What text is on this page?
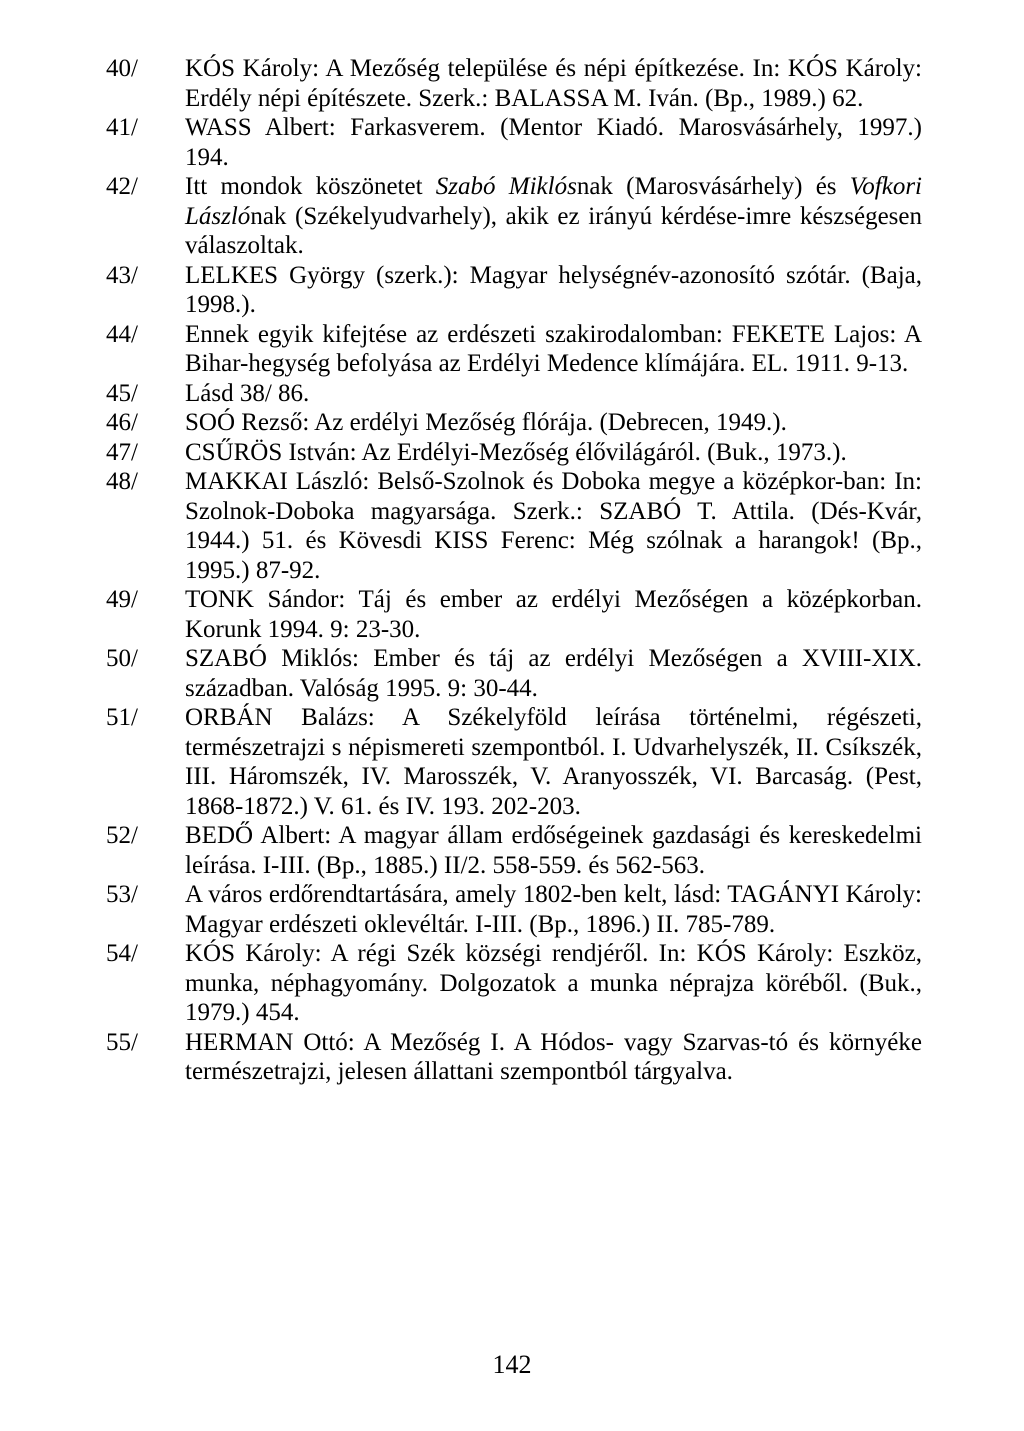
40/	KÓS Károly: A Mezőség települése és népi építkezése. In: KÓS Károly: Erdély népi építészete. Szerk.: BALASSA M. Iván. (Bp., 1989.) 62.
41/	WASS Albert: Farkasverem. (Mentor Kiadó. Marosvásárhely, 1997.) 194.
42/	Itt mondok köszönetet Szabó Miklósnak (Marosvásárhely) és Vofkori Lászlónak (Székelyudvarhely), akik ez irányú kérdése-imre készségesen válaszoltak.
43/	LELKES György (szerk.): Magyar helységnév-azonosító szótár. (Baja, 1998.).
44/	Ennek egyik kifejtése az erdészeti szakirodalomban: FEKETE Lajos: A Bihar-hegység befolyása az Erdélyi Medence klímájára. EL. 1911. 9-13.
45/	Lásd 38/ 86.
46/	SOÓ Rezső: Az erdélyi Mezőség flórája. (Debrecen, 1949.).
47/	CSŰRÖS István: Az Erdélyi-Mezőség élővilágáról. (Buk., 1973.).
48/	MAKKAI László: Belső-Szolnok és Doboka megye a középkor-ban: In: Szolnok-Doboka magyarsága. Szerk.: SZABÓ T. Attila. (Dés-Kvár, 1944.) 51. és Kövesdi KISS Ferenc: Még szólnak a harangok! (Bp., 1995.) 87-92.
49/	TONK Sándor: Táj és ember az erdélyi Mezőségen a középkorban. Korunk 1994. 9: 23-30.
50/	SZABÓ Miklós: Ember és táj az erdélyi Mezőségen a XVIII-XIX. században. Valóság 1995. 9: 30-44.
51/	ORBÁN Balázs: A Székelyföld leírása történelmi, régészeti, természetrajzi s népismereti szempontból. I. Udvarhelyszék, II. Csíkszék, III. Háromszék, IV. Marosszék, V. Aranyosszék, VI. Barcaság. (Pest, 1868-1872.) V. 61. és IV. 193. 202-203.
52/	BEDŐ Albert: A magyar állam erdőségeinek gazdasági és kereskedelmi leírása. I-III. (Bp., 1885.) II/2. 558-559. és 562-563.
53/	A város erdőrendtartására, amely 1802-ben kelt, lásd: TAGÁNYI Károly: Magyar erdészeti oklevéltár. I-III. (Bp., 1896.) II. 785-789.
54/	KÓS Károly: A régi Szék községi rendjéről. In: KÓS Károly: Eszköz, munka, néphagyomány. Dolgozatok a munka néprajza köréből. (Buk., 1979.) 454.
55/	HERMAN Ottó: A Mezőség I. A Hódos- vagy Szarvas-tó és környéke természetrajzi, jelesen állattani szempontból tárgyalva.
142
